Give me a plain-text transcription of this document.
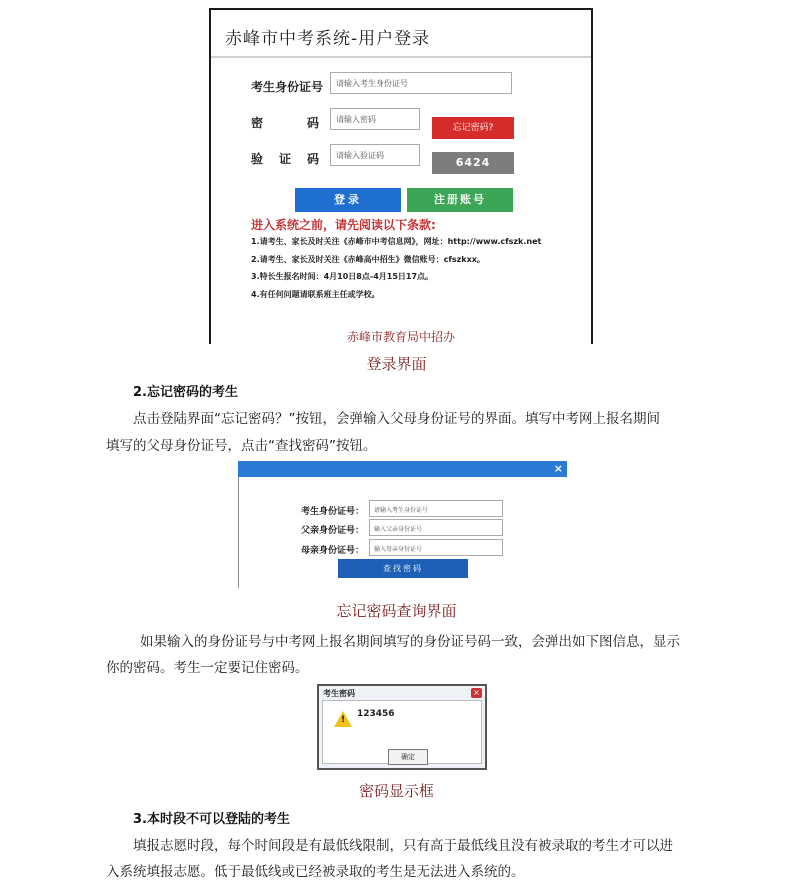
赤峰市中考系统-用户登录
考生身份证号	请输入考生身份证号
密	码	请输入密码
忘记密码?
验 证 码	请输入验证码
6424
登录	注册账号
进入系统之前，请先阅读以下条款:
1.请考生、家长及时关注《赤峰市中考信息网》，网址：http://www.cfszk.net
2.请考生、家长及时关注《赤峰高中招生》微信账号：cfszkxx。
3.特长生报名时间：4月10日8点-4月15日17点。
4.有任何问题请联系班主任或学校。
赤峰市教育局中招办
登录界面
2.忘记密码的考生
点击登陆界面“忘记密码？”按钮，会弹输入父母身份证号的界面。填写中考网上报名期间
填写的父母身份证号，点击“查找密码”按钮。
×
考生身份证号：	请输入考生身份证号
父亲身份证号：	输入父亲身份证号
母亲身份证号：	输入母亲身份证号
查找密码
忘记密码查询界面
如果输入的身份证号与中考网上报名期间填写的身份证号码一致，会弹出如下图信息，显示
你的密码。考生一定要记住密码。
考生密码	×
!
123456
确定
密码显示框
3.本时段不可以登陆的考生
填报志愿时段，每个时间段是有最低线限制，只有高于最低线且没有被录取的考生才可以进
入系统填报志愿。低于最低线或已经被录取的考生是无法进入系统的。
